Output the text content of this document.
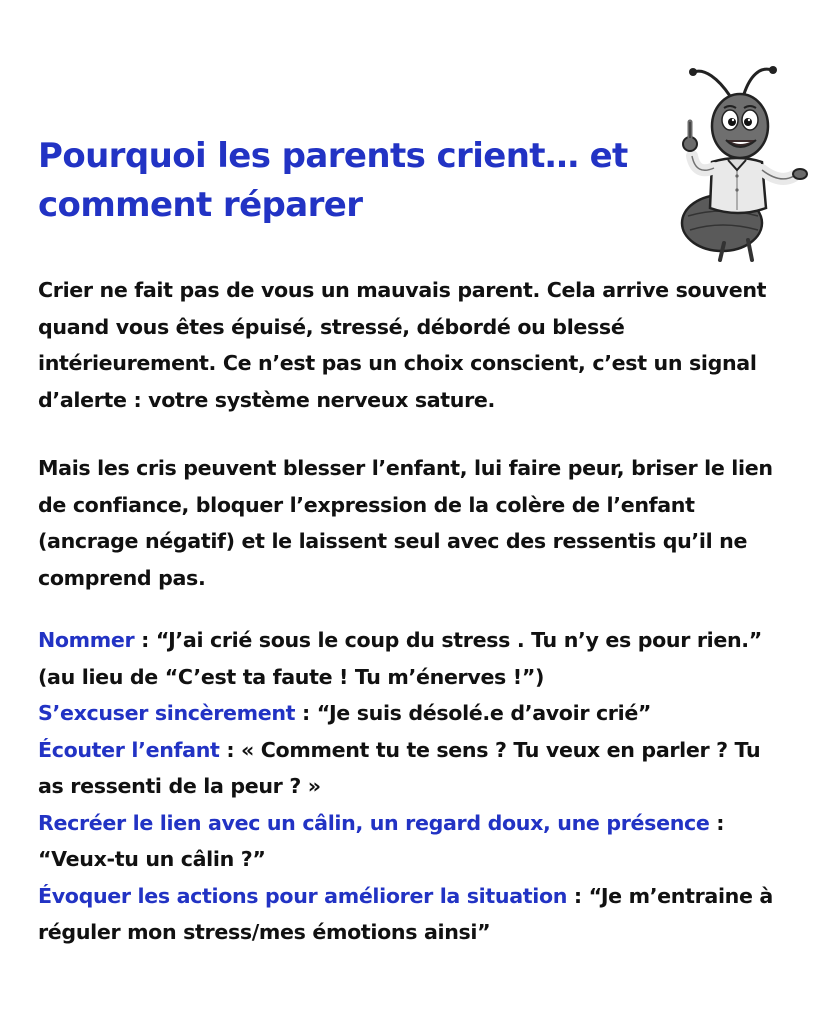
Pourquoi les parents crient… et comment réparer

Crier ne fait pas de vous un mauvais parent. Cela arrive souvent quand vous êtes épuisé, stressé, débordé ou blessé intérieurement. Ce n’est pas un choix conscient, c’est un signal d’alerte : votre système nerveux sature.

Mais les cris peuvent blesser l’enfant, lui faire peur, briser le lien de confiance, bloquer l’expression de la colère de l’enfant (ancrage négatif) et le laissent seul avec des ressentis qu’il ne comprend pas.

Nommer : “J’ai crié sous le coup du stress . Tu n’y es pour rien.” (au lieu de “C’est ta faute ! Tu m’énerves !”)
S’excuser sincèrement : “Je suis désolé.e d’avoir crié”
Écouter l’enfant : « Comment tu te sens ? Tu veux en parler ? Tu as ressenti de la peur ? »
Recréer le lien avec un câlin, un regard doux, une présence : “Veux-tu un câlin ?”
Évoquer les actions pour améliorer la situation : “Je m’entraine à réguler mon stress/mes émotions ainsi”
